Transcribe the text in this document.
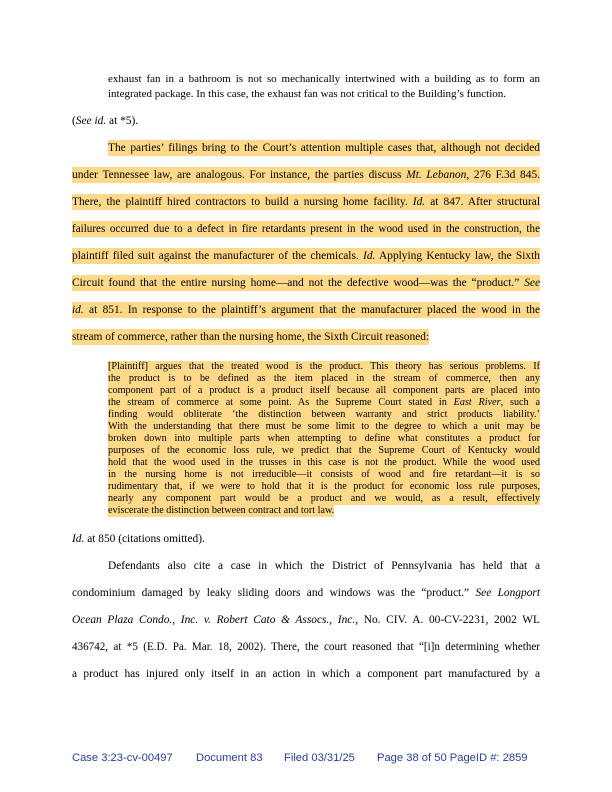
exhaust fan in a bathroom is not so mechanically intertwined with a building as to form an
integrated package. In this case, the exhaust fan was not critical to the Building’s function.
(See id. at *5).
The parties’ filings bring to the Court’s attention multiple cases that, although not decided
under Tennessee law, are analogous. For instance, the parties discuss Mt. Lebanon, 276 F.3d 845.
There, the plaintiff hired contractors to build a nursing home facility. Id. at 847. After structural
failures occurred due to a defect in fire retardants present in the wood used in the construction, the
plaintiff filed suit against the manufacturer of the chemicals. Id. Applying Kentucky law, the Sixth
Circuit found that the entire nursing home—and not the defective wood—was the “product.” See
id. at 851. In response to the plaintiff’s argument that the manufacturer placed the wood in the
stream of commerce, rather than the nursing home, the Sixth Circuit reasoned:
[Plaintiff] argues that the treated wood is the product. This theory has serious problems. If
the product is to be defined as the item placed in the stream of commerce, then any
component part of a product is a product itself because all component parts are placed into
the stream of commerce at some point. As the Supreme Court stated in East River, such a
finding would obliterate ‘the distinction between warranty and strict products liability.’
With the understanding that there must be some limit to the degree to which a unit may be
broken down into multiple parts when attempting to define what constitutes a product for
purposes of the economic loss rule, we predict that the Supreme Court of Kentucky would
hold that the wood used in the trusses in this case is not the product. While the wood used
in the nursing home is not irreducible—it consists of wood and fire retardant—it is so
rudimentary that, if we were to hold that it is the product for economic loss rule purposes,
nearly any component part would be a product and we would, as a result, effectively
eviscerate the distinction between contract and tort law.
Id. at 850 (citations omitted).
Defendants also cite a case in which the District of Pennsylvania has held that a
condominium damaged by leaky sliding doors and windows was the “product.” See Longport
Ocean Plaza Condo., Inc. v. Robert Cato & Assocs., Inc., No. CIV. A. 00-CV-2231, 2002 WL
436742, at *5 (E.D. Pa. Mar. 18, 2002). There, the court reasoned that “[i]n determining whether
a product has injured only itself in an action in which a component part manufactured by a
Case 3:23-cv-00497	Document 83	Filed 03/31/25	Page 38 of 50 PageID #: 2859
